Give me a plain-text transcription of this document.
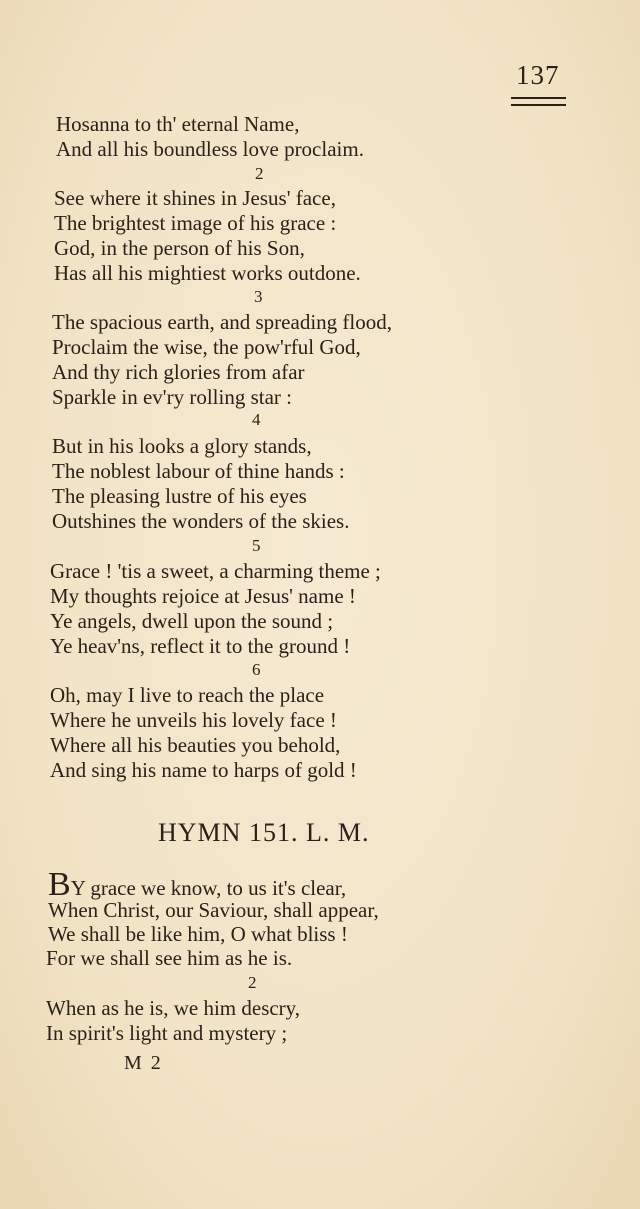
137
Hosanna to th' eternal Name,
And all his boundless love proclaim.
2
See where it shines in Jesus' face,
The brightest image of his grace :
God, in the person of his Son,
Has all his mightiest works outdone.
3
The spacious earth, and spreading flood,
Proclaim the wise, the pow'rful God,
And thy rich glories from afar
Sparkle in ev'ry rolling star :
4
But in his looks a glory stands,
The noblest labour of thine hands :
The pleasing lustre of his eyes
Outshines the wonders of the skies.
5
Grace ! 'tis a sweet, a charming theme ;
My thoughts rejoice at Jesus' name !
Ye angels, dwell upon the sound ;
Ye heav'ns, reflect it to the ground !
6
Oh, may I live to reach the place
Where he unveils his lovely face !
Where all his beauties you behold,
And sing his name to harps of gold !
HYMN 151. L. M.
BY grace we know, to us it's clear,
When Christ, our Saviour, shall appear,
We shall be like him, O what bliss !
For we shall see him as he is.
2
When as he is, we him descry,
In spirit's light and mystery ;
M 2
